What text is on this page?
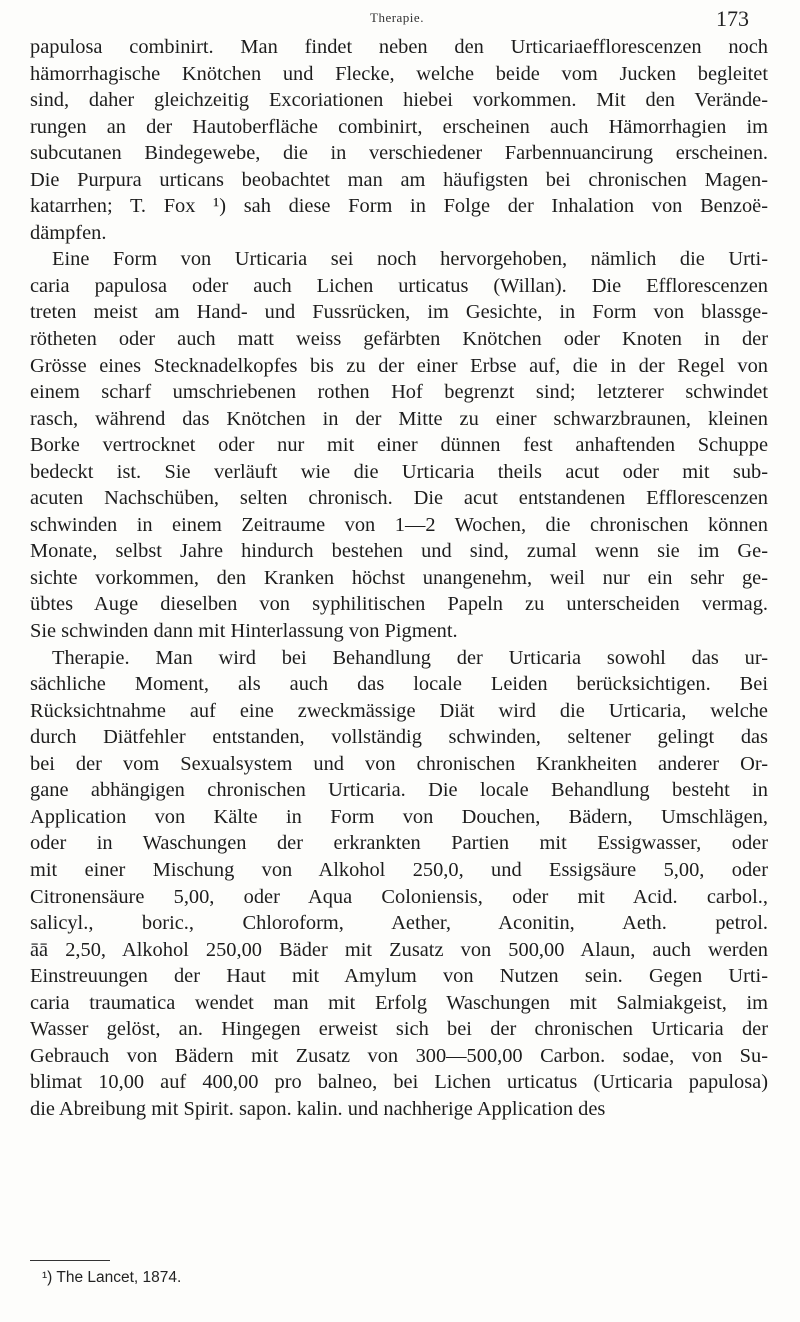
Therapie.	173
papulosa combinirt. Man findet neben den Urticariaefflorescenzen noch
hämorrhagische Knötchen und Flecke, welche beide vom Jucken begleitet
sind, daher gleichzeitig Excoriationen hiebei vorkommen. Mit den Verände-
rungen an der Hautoberfläche combinirt, erscheinen auch Hämorrhagien im
subcutanen Bindegewebe, die in verschiedener Farbennuancirung erscheinen.
Die Purpura urticans beobachtet man am häufigsten bei chronischen Magen-
katarrhen; T. Fox ¹) sah diese Form in Folge der Inhalation von Benzoë-
dämpfen.
Eine Form von Urticaria sei noch hervorgehoben, nämlich die Urti-
caria papulosa oder auch Lichen urticatus (Willan). Die Efflorescenzen
treten meist am Hand- und Fussrücken, im Gesichte, in Form von blassge-
rötheten oder auch matt weiss gefärbten Knötchen oder Knoten in der
Grösse eines Stecknadelkopfes bis zu der einer Erbse auf, die in der Regel von
einem scharf umschriebenen rothen Hof begrenzt sind; letzterer schwindet
rasch, während das Knötchen in der Mitte zu einer schwarzbraunen, kleinen
Borke vertrocknet oder nur mit einer dünnen fest anhaftenden Schuppe
bedeckt ist. Sie verläuft wie die Urticaria theils acut oder mit sub-
acuten Nachschüben, selten chronisch. Die acut entstandenen Efflorescenzen
schwinden in einem Zeitraume von 1—2 Wochen, die chronischen können
Monate, selbst Jahre hindurch bestehen und sind, zumal wenn sie im Ge-
sichte vorkommen, den Kranken höchst unangenehm, weil nur ein sehr ge-
übtes Auge dieselben von syphilitischen Papeln zu unterscheiden vermag.
Sie schwinden dann mit Hinterlassung von Pigment.
Therapie. Man wird bei Behandlung der Urticaria sowohl das ur-
sächliche Moment, als auch das locale Leiden berücksichtigen. Bei
Rücksichtnahme auf eine zweckmässige Diät wird die Urticaria, welche
durch Diätfehler entstanden, vollständig schwinden, seltener gelingt das
bei der vom Sexualsystem und von chronischen Krankheiten anderer Or-
gane abhängigen chronischen Urticaria. Die locale Behandlung besteht in
Application von Kälte in Form von Douchen, Bädern, Umschlägen,
oder in Waschungen der erkrankten Partien mit Essigwasser, oder
mit einer Mischung von Alkohol 250,0, und Essigsäure 5,00, oder
Citronensäure 5,00, oder Aqua Coloniensis, oder mit Acid. carbol.,
salicyl., boric., Chloroform, Aether, Aconitin, Aeth. petrol.
āā 2,50, Alkohol 250,00 Bäder mit Zusatz von 500,00 Alaun, auch werden
Einstreuungen der Haut mit Amylum von Nutzen sein. Gegen Urti-
caria traumatica wendet man mit Erfolg Waschungen mit Salmiakgeist, im
Wasser gelöst, an. Hingegen erweist sich bei der chronischen Urticaria der
Gebrauch von Bädern mit Zusatz von 300—500,00 Carbon. sodae, von Su-
blimat 10,00 auf 400,00 pro balneo, bei Lichen urticatus (Urticaria papulosa)
die Abreibung mit Spirit. sapon. kalin. und nachherige Application des
¹) The Lancet, 1874.
